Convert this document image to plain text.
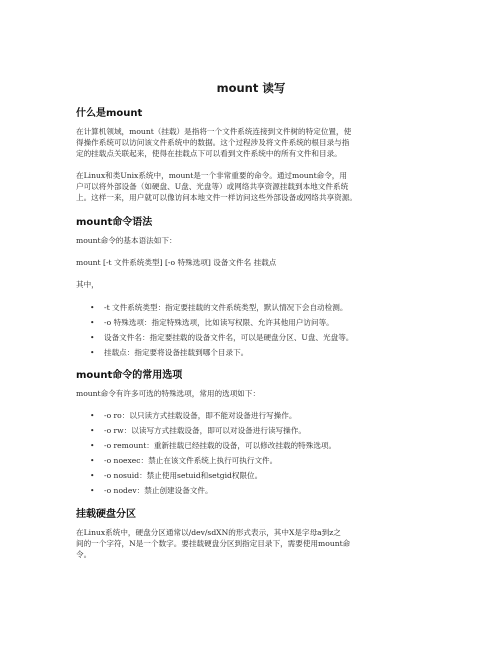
mount 读写
什么是mount

在计算机领域，mount（挂载）是指将一个文件系统连接到文件树的特定位置，使

得操作系统可以访问该文件系统中的数据。这个过程涉及将文件系统的根目录与指

定的挂载点关联起来，使得在挂载点下可以看到文件系统中的所有文件和目录。

在Linux和类Unix系统中，mount是一个非常重要的命令。通过mount命令，用

户可以将外部设备（如硬盘、U盘、光盘等）或网络共享资源挂载到本地文件系统

上。这样一来，用户就可以像访问本地文件一样访问这些外部设备或网络共享资源。

mount命令语法

mount命令的基本语法如下：

mount [-t 文件系统类型] [-o 特殊选项] 设备文件名 挂载点

其中，

• -t 文件系统类型：指定要挂载的文件系统类型，默认情况下会自动检测。

• -o 特殊选项：指定特殊选项，比如读写权限、允许其他用户访问等。

• 设备文件名：指定要挂载的设备文件名，可以是硬盘分区、U盘、光盘等。

• 挂载点：指定要将设备挂载到哪个目录下。

mount命令的常用选项

mount命令有许多可选的特殊选项，常用的选项如下：

• -o ro：以只读方式挂载设备，即不能对设备进行写操作。

• -o rw：以读写方式挂载设备，即可以对设备进行读写操作。

• -o remount：重新挂载已经挂载的设备，可以修改挂载的特殊选项。

• -o noexec：禁止在该文件系统上执行可执行文件。

• -o nosuid：禁止使用setuid和setgid权限位。

• -o nodev：禁止创建设备文件。

挂载硬盘分区

在Linux系统中，硬盘分区通常以/dev/sdXN的形式表示，其中X是字母a到z之

间的一个字符，N是一个数字。要挂载硬盘分区到指定目录下，需要使用mount命

令。
